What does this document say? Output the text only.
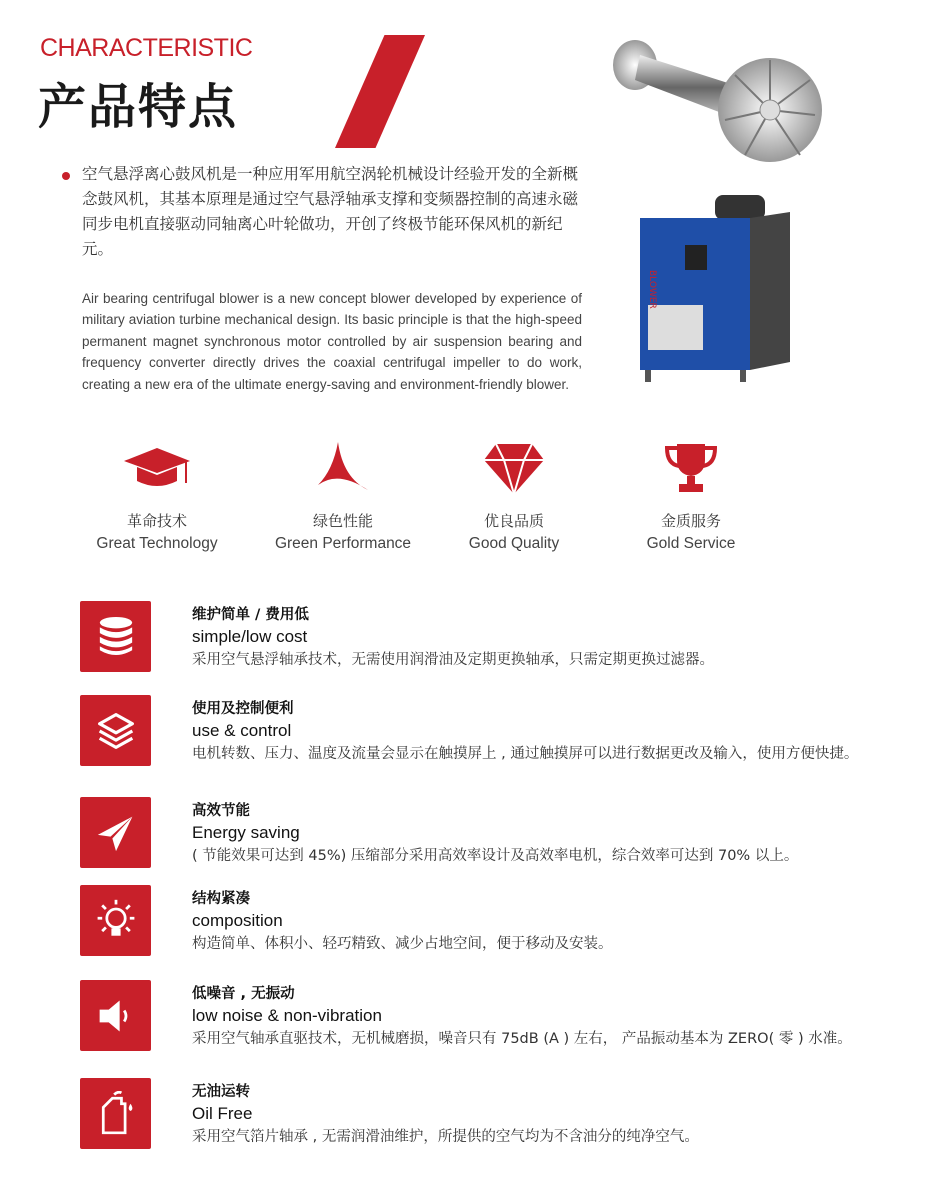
CHARACTERISTIC
产品特点
空气悬浮离心鼓风机是一种应用军用航空涡轮机械设计经验开发的全新概念鼓风机，其基本原理是通过空气悬浮轴承支撑和变频器控制的高速永磁同步电机直接驱动同轴离心叶轮做功，开创了终极节能环保风机的新纪元。
Air bearing centrifugal blower is a new concept blower developed by experience of military aviation turbine mechanical design. Its basic principle is that the high-speed permanent magnet synchronous motor controlled by air suspension bearing and frequency converter directly drives the coaxial centrifugal impeller to do work, creating a new era of the ultimate energy-saving and environment-friendly blower.
BLOWER
革命技术
Great Technology
绿色性能
Green Performance
优良品质
Good Quality
金质服务
Gold Service
维护简单 / 费用低
simple/low cost
采用空气悬浮轴承技术，无需使用润滑油及定期更换轴承，只需定期更换过滤器。
使用及控制便利
use & control
电机转数、压力、温度及流量会显示在触摸屏上 , 通过触摸屏可以进行数据更改及输入，使用方便快捷。
高效节能
Energy saving
( 节能效果可达到 45%) 压缩部分采用高效率设计及高效率电机，综合效率可达到 70% 以上。
结构紧凑
composition
构造简单、体积小、轻巧精致、减少占地空间，便于移动及安装。
低噪音 , 无振动
low noise & non-vibration
采用空气轴承直驱技术，无机械磨损，噪音只有 75dB (A ) 左右， 产品振动基本为 ZERO( 零 ) 水准。
无油运转
Oil Free
采用空气箔片轴承 , 无需润滑油维护，所提供的空气均为不含油分的纯净空气。
